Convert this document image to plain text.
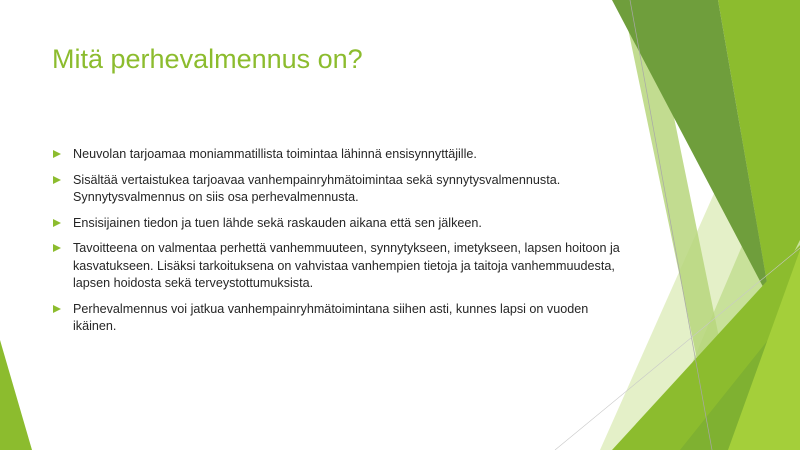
Mitä perhevalmennus on?
Neuvolan tarjoamaa moniammatillista toimintaa lähinnä ensisynnyttäjille.
Sisältää vertaistukea tarjoavaa vanhempainryhmätoimintaa sekä synnytysvalmennusta. Synnytysvalmennus on siis osa perhevalmennusta.
Ensisijainen tiedon ja tuen lähde sekä raskauden aikana että sen jälkeen.
Tavoitteena on valmentaa perhettä vanhemmuuteen, synnytykseen, imetykseen, lapsen hoitoon ja kasvatukseen. Lisäksi tarkoituksena on vahvistaa vanhempien tietoja ja taitoja vanhemmuudesta, lapsen hoidosta sekä terveystottumuksista.
Perhevalmennus voi jatkua vanhempainryhmätoimintana siihen asti, kunnes lapsi on vuoden ikäinen.
